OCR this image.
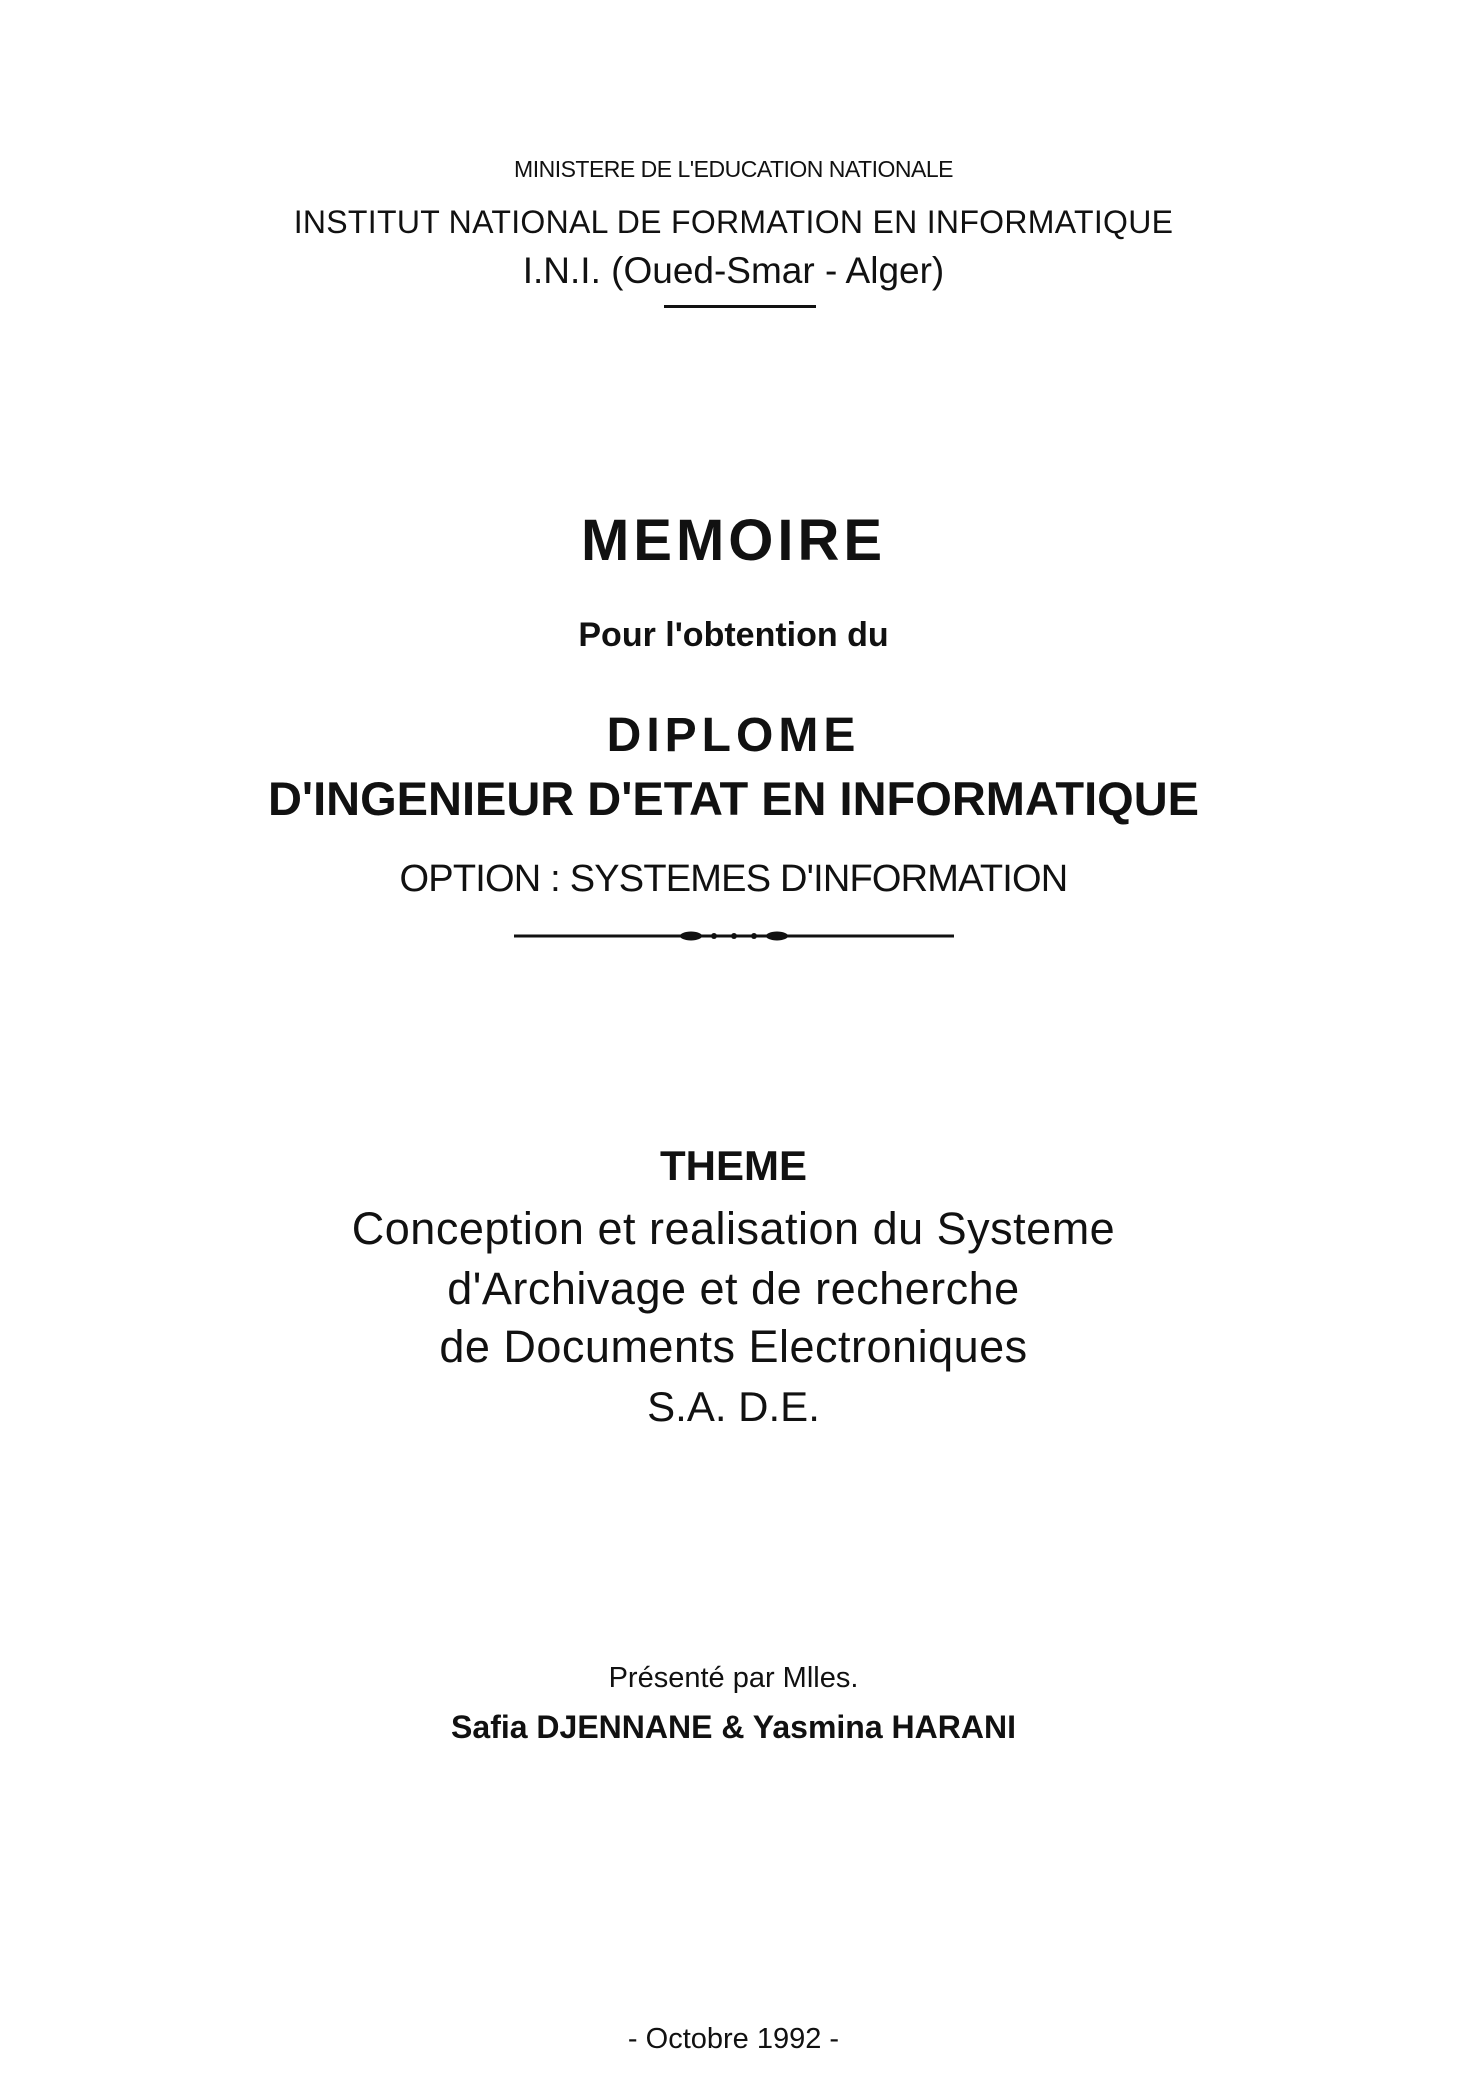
MINISTERE DE L'EDUCATION NATIONALE
INSTITUT NATIONAL DE FORMATION EN INFORMATIQUE
I.N.I. (Oued-Smar - Alger)
MEMOIRE
Pour l'obtention du
DIPLOME
D'INGENIEUR D'ETAT EN INFORMATIQUE
OPTION : SYSTEMES D'INFORMATION
THEME
Conception et realisation du Systeme
d'Archivage et de recherche
de Documents Electroniques
S.A. D.E.
Présenté par Mlles.
Safia DJENNANE & Yasmina HARANI
- Octobre 1992 -
